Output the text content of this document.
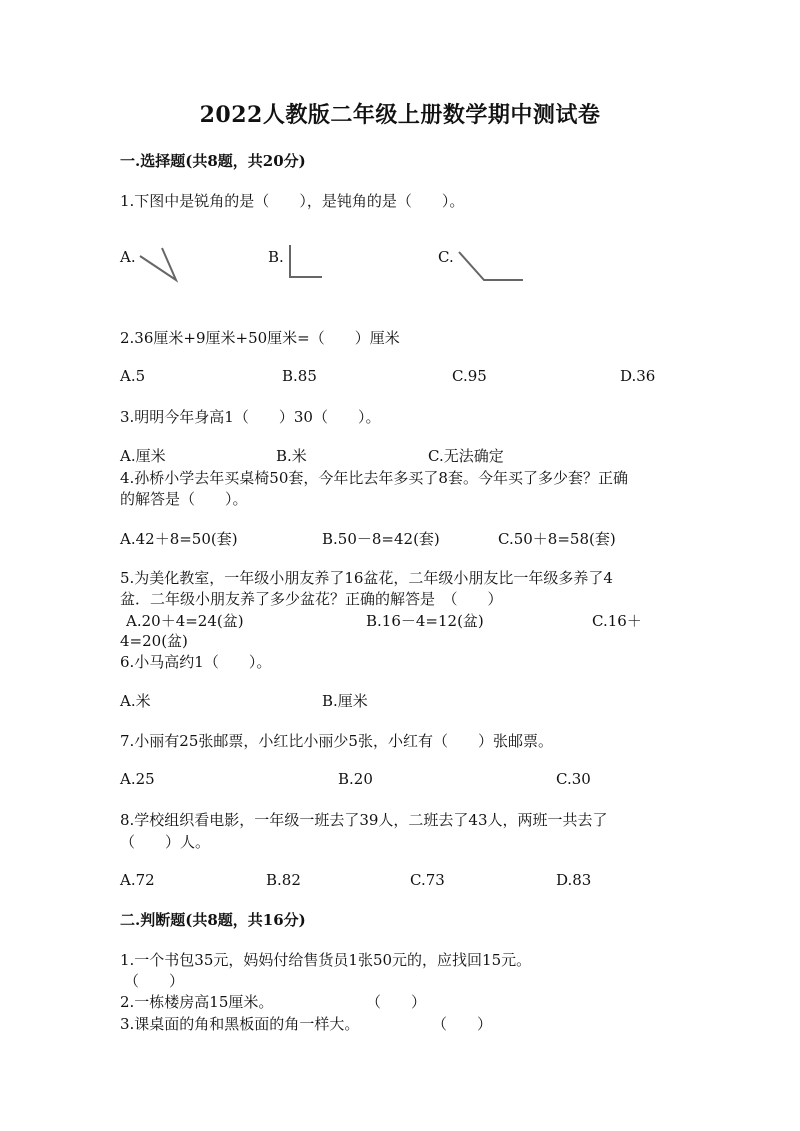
2022人教版二年级上册数学期中测试卷
一.选择题(共8题，共20分)
1.下图中是锐角的是（　　），是钝角的是（　　）。
A.	B.	C.
2.36厘米+9厘米+50厘米=（　　）厘米
A.5	B.85	C.95	D.36
3.明明今年身高1（　　）30（　　）。
A.厘米	B.米	C.无法确定
4.孙桥小学去年买桌椅50套，今年比去年多买了8套。今年买了多少套？正确
的解答是（　　）。
A.42＋8=50(套)	B.50－8=42(套)	C.50＋8=58(套)
5.为美化教室，一年级小朋友养了16盆花，二年级小朋友比一年级多养了4
盆．二年级小朋友养了多少盆花？正确的解答是　（　　）
A.20＋4=24(盆)	B.16－4=12(盆)	C.16＋
4=20(盆)
6.小马高约1（　　）。
A.米	B.厘米
7.小丽有25张邮票，小红比小丽少5张，小红有（　　）张邮票。
A.25	B.20	C.30
8.学校组织看电影，一年级一班去了39人，二班去了43人，两班一共去了
（　　）人。
A.72	B.82	C.73	D.83
二.判断题(共8题，共16分)
1.一个书包35元，妈妈付给售货员1张50元的，应找回15元。
（　　）
2.一栋楼房高15厘米。	（　　）
3.课桌面的角和黑板面的角一样大。	（　　）
